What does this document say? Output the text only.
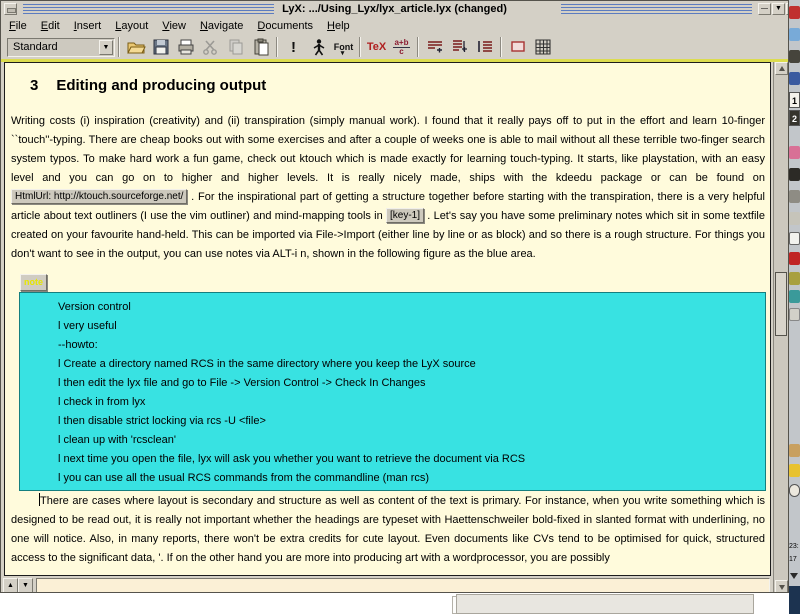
LyX: .../Using_Lyx/lyx_article.lyx (changed)	—	▼
File	Edit	Insert	Layout	View	Navigate	Documents	Help
Standard	▼	!	Font ▾ TeX $\frac{a+b}{c}$
3 Editing and producing output

Writing costs (i) inspiration (creativity) and (ii) transpiration (simply manual work). I found that it really pays off to put in the effort and learn 10-finger ``touch''-typing. There are cheap books out with some exercises and after a couple of weeks one is able to mail without all these terrible two-finger search system typos. To make hard work a fun game, check out ktouch which is made exactly for learning touch-typing. It starts, like playstation, with an easy level and you can go on to higher and higher levels. It is really nicely made, ships with the kdeedu package or can be found on HtmlUrl: http://ktouch.sourceforge.net/ . For the inspirational part of getting a structure together before starting with the transpiration, there is a very helpful article about text outliners (I use the vim outliner) and mind-mapping tools in [key-1] . Let's say you have some preliminary notes which sit in some textfile created on your favourite hand-held. This can be imported via File->Import (either line by line or as block) and so there is a rough structure. For things you don't want to see in the output, you can use notes via ALT-i n, shown in the following figure as the blue area.

note
Version control
l very useful
--howto:
l Create a directory named RCS in the same directory where you keep the LyX source
l then edit the lyx file and go to File -> Version Control -> Check In Changes
l check in from lyx
l then disable strict locking via rcs -U <file>
l clean up with 'rcsclean'
l next time you open the file, lyx will ask you whether you want to retrieve the document via RCS
l you can use all the usual RCS commands from the commandline (man rcs)

There are cases where layout is secondary and structure as well as content of the text is primary. For instance, when you write something which is designed to be read out, it is really not important whether the headings are typeset with Haettenschweiler bold-fixed in slanted format with underlining, no one will notice. Also, in many reports, there won't be extra credits for cute layout. Even documents like CVs tend to be optimised for quick, structured access to the significant data, '. If on the other hand you are more into producing art with a wordprocessor, you are possibly

▲	▼
1
2
23:
17
